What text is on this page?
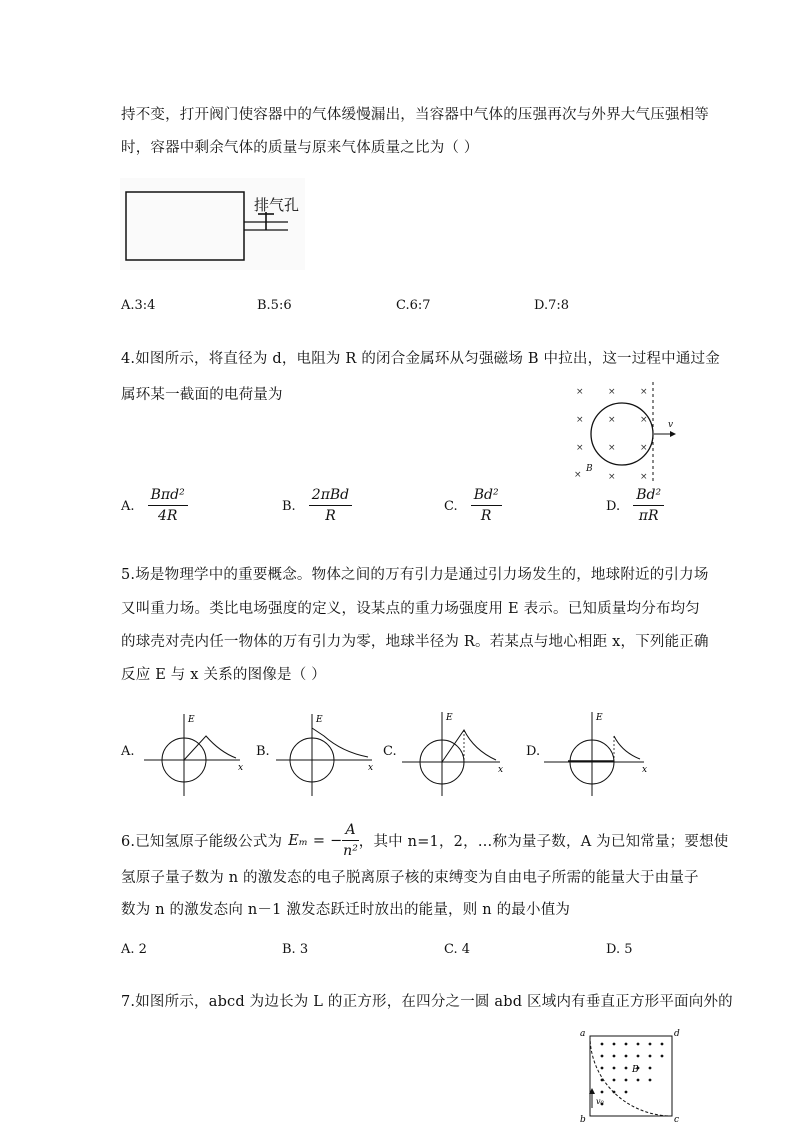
持不变，打开阀门使容器中的气体缓慢漏出，当容器中气体的压强再次与外界大气压强相等
时，容器中剩余气体的质量与原来气体质量之比为（ ）
排气孔
A.3:4	B.5:6	C.6:7	D.7:8
4.如图所示，将直径为 d，电阻为 R 的闭合金属环从匀强磁场 B 中拉出，这一过程中通过金
属环某一截面的电荷量为	×	×	×
×	×	×
×	×	×
×	×
×
B
v
A. $\frac{\text{Bπd²}}{4R}$	B. $\frac{\text{2πBd}}{R}$	C. $\frac{\text{Bd²}}{R}$	D. $\frac{\text{Bd²}}{\pi R}$
5.场是物理学中的重要概念。物体之间的万有引力是通过引力场发生的，地球附近的引力场
又叫重力场。类比电场强度的定义，设某点的重力场强度用 E 表示。已知质量均分布均匀
的球壳对壳内任一物体的万有引力为零，地球半径为 R。若某点与地心相距 x，下列能正确
反应 E 与 x 关系的图像是（ ）
A.
E
x
B.
E
x
C.
E
x
D.
E
x
6.已知氢原子能级公式为 Eₘ = − $\frac{A}{\text{n²}}$ ，其中 n=1，2，…称为量子数，A 为已知常量；要想使
氢原子量子数为 n 的激发态的电子脱离原子核的束缚变为自由电子所需的能量大于由量子
数为 n 的激发态向 n－1 激发态跃迁时放出的能量，则 n 的最小值为
A. 2	B. 3	C. 4	D. 5
7.如图所示，abcd 为边长为 L 的正方形，在四分之一圆 abd 区域内有垂直正方形平面向外的
a
b	c
d
B
v₀
